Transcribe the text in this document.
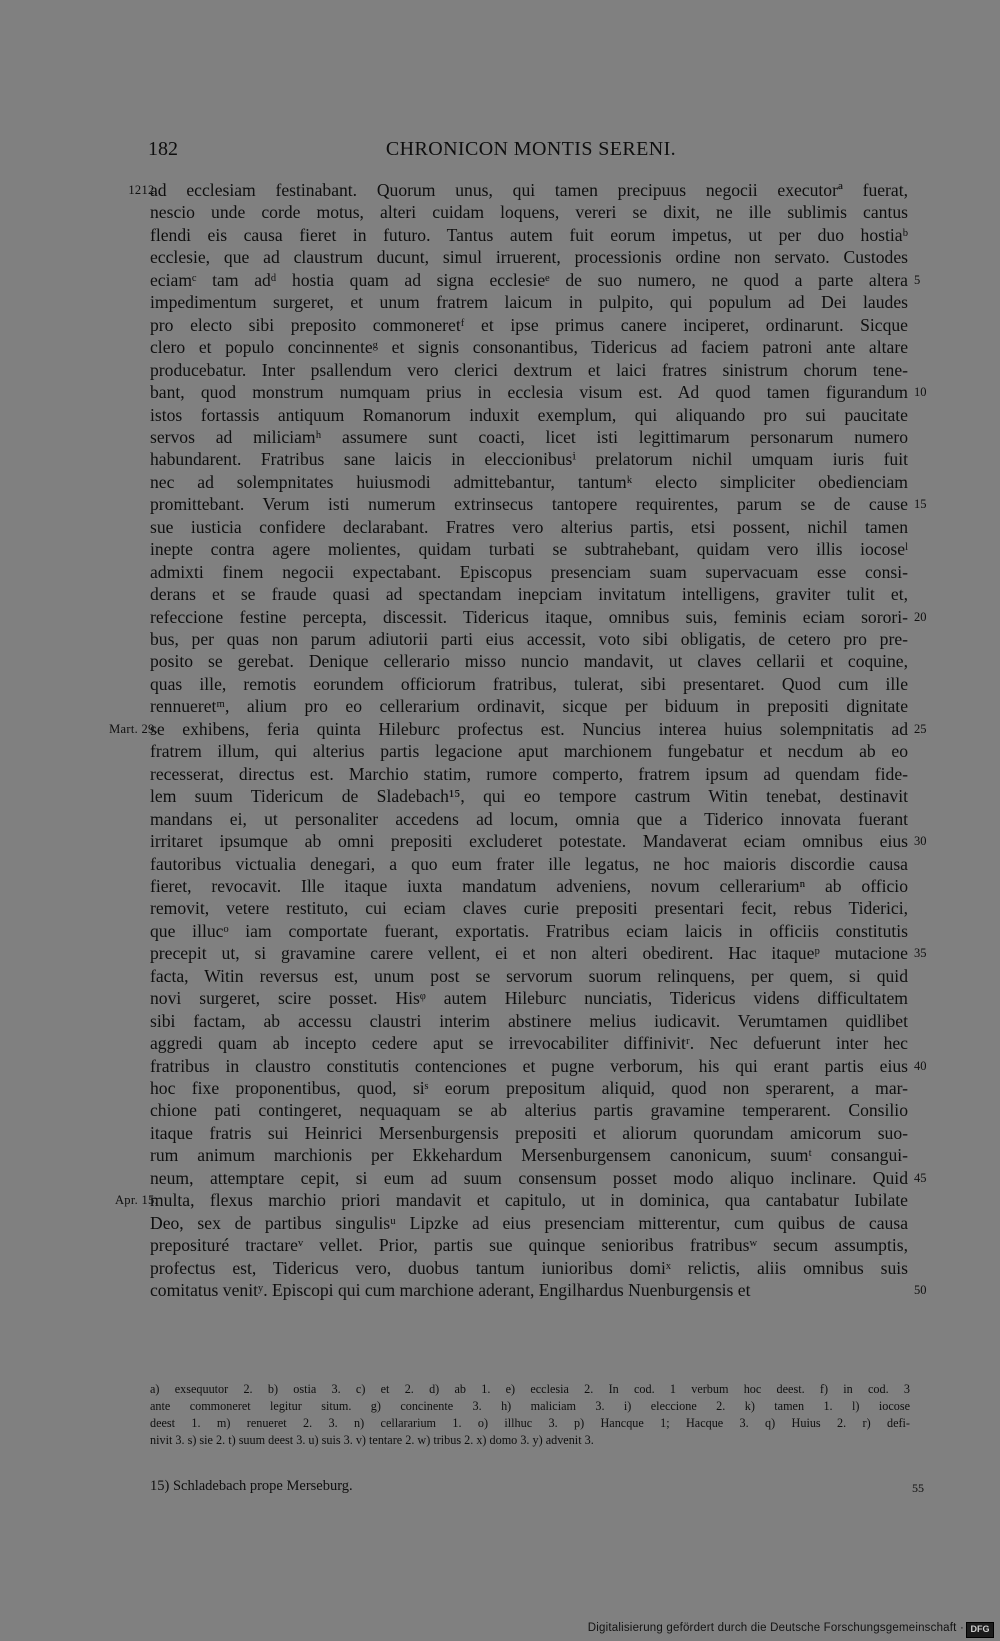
182	CHRONICON MONTIS SERENI.
ad ecclesiam festinabant. Quorum unus, qui tamen precipuus negocii executorª fuerat,
nescio unde corde motus, alteri cuidam loquens, vereri se dixit, ne ille sublimis cantus
flendi eis causa fieret in futuro. Tantus autem fuit eorum impetus, ut per duo hostiaᵇ
ecclesie, que ad claustrum ducunt, simul irruerent, processionis ordine non servato. Custodes
eciamᶜ tam adᵈ hostia quam ad signa ecclesieᵉ de suo numero, ne quod a parte altera
impedimentum surgeret, et unum fratrem laicum in pulpito, qui populum ad Dei laudes
pro electo sibi preposito commoneretᶠ et ipse primus canere inciperet, ordinarunt. Sicque
clero et populo concinnenteᵍ et signis consonantibus, Tidericus ad faciem patroni ante altare
producebatur. Inter psallendum vero clerici dextrum et laici fratres sinistrum chorum tene-
bant, quod monstrum numquam prius in ecclesia visum est. Ad quod tamen figurandum
istos fortassis antiquum Romanorum induxit exemplum, qui aliquando pro sui paucitate
servos ad miliciamʰ assumere sunt coacti, licet isti legittimarum personarum numero
habundarent. Fratribus sane laicis in eleccionibusⁱ prelatorum nichil umquam iuris fuit
nec ad solempnitates huiusmodi admittebantur, tantumᵏ electo simpliciter obedienciam
promittebant. Verum isti numerum extrinsecus tantopere requirentes, parum se de cause
sue iusticia confidere declarabant. Fratres vero alterius partis, etsi possent, nichil tamen
inepte contra agere molientes, quidam turbati se subtrahebant, quidam vero illis iocoseˡ
admixti finem negocii expectabant. Episcopus presenciam suam supervacuam esse consi-
derans et se fraude quasi ad spectandam inepciam invitatum intelligens, graviter tulit et,
refeccione festine percepta, discessit. Tidericus itaque, omnibus suis, feminis eciam sorori-
bus, per quas non parum adiutorii parti eius accessit, voto sibi obligatis, de cetero pro pre-
posito se gerebat. Denique cellerario misso nuncio mandavit, ut claves cellarii et coquine,
quas ille, remotis eorundem officiorum fratribus, tulerat, sibi presentaret. Quod cum ille
rennueretᵐ, alium pro eo cellerarium ordinavit, sicque per biduum in prepositi dignitate
se exhibens, feria quinta Hileburc profectus est. Nuncius interea huius solempnitatis ad
fratrem illum, qui alterius partis legacione aput marchionem fungebatur et necdum ab eo
recesserat, directus est. Marchio statim, rumore comperto, fratrem ipsum ad quendam fide-
lem suum Tidericum de Sladebach¹⁵, qui eo tempore castrum Witin tenebat, destinavit
mandans ei, ut personaliter accedens ad locum, omnia que a Tiderico innovata fuerant
irritaret ipsumque ab omni prepositi excluderet potestate. Mandaverat eciam omnibus eius
fautoribus victualia denegari, a quo eum frater ille legatus, ne hoc maioris discordie causa
fieret, revocavit. Ille itaque iuxta mandatum adveniens, novum cellerariumⁿ ab officio
removit, vetere restituto, cui eciam claves curie prepositi presentari fecit, rebus Tiderici,
que illucᵒ iam comportate fuerant, exportatis. Fratribus eciam laicis in officiis constitutis
precepit ut, si gravamine carere vellent, ei et non alteri obedirent. Hac itaqueᵖ mutacione
facta, Witin reversus est, unum post se servorum suorum relinquens, per quem, si quid
novi surgeret, scire posset. Hisᵠ autem Hileburc nunciatis, Tidericus videns difficultatem
sibi factam, ab accessu claustri interim abstinere melius iudicavit. Verumtamen quidlibet
aggredi quam ab incepto cedere aput se irrevocabiliter diffinivitʳ. Nec defuerunt inter hec
fratribus in claustro constitutis contenciones et pugne verborum, his qui erant partis eius
hoc fixe proponentibus, quod, siˢ eorum prepositum aliquid, quod non sperarent, a mar-
chione pati contingeret, nequaquam se ab alterius partis gravamine temperarent. Consilio
itaque fratris sui Heinrici Mersenburgensis prepositi et aliorum quorundam amicorum suo-
rum animum marchionis per Ekkehardum Mersenburgensem canonicum, suumᵗ consangui-
neum, attemptare cepit, si eum ad suum consensum posset modo aliquo inclinare. Quid
multa, flexus marchio priori mandavit et capitulo, ut in dominica, qua cantabatur Iubilate
Deo, sex de partibus singulisᵘ Lipzke ad eius presenciam mitterentur, cum quibus de causa
preposituré tractareᵛ vellet. Prior, partis sue quinque senioribus fratribusʷ secum assumptis,
profectus est, Tidericus vero, duobus tantum iunioribus domiˣ relictis, aliis omnibus suis
comitatus venitʸ. Episcopi qui cum marchione aderant, Engilhardus Nuenburgensis et
1212.
Mart. 29.
Apr. 15.
5
10
15
20
25
30
35
40
45
50
a) exsequutor 2. b) ostia 3. c) et 2. d) ab 1. e) ecclesia 2. In cod. 1 verbum hoc deest. f) in cod. 3
ante commoneret legitur situm. g) concinente 3. h) maliciam 3. i) eleccione 2. k) tamen 1. l) iocose
deest 1. m) renueret 2. 3. n) cellararium 1. o) illhuc 3. p) Hancque 1; Hacque 3. q) Huius 2. r) defi-
nivit 3. s) sie 2. t) suum deest 3. u) suis 3. v) tentare 2. w) tribus 2. x) domo 3. y) advenit 3.
15) Schladebach prope Merseburg.	55
Digitalisierung gefördert durch die Deutsche Forschungsgemeinschaft · DFG
